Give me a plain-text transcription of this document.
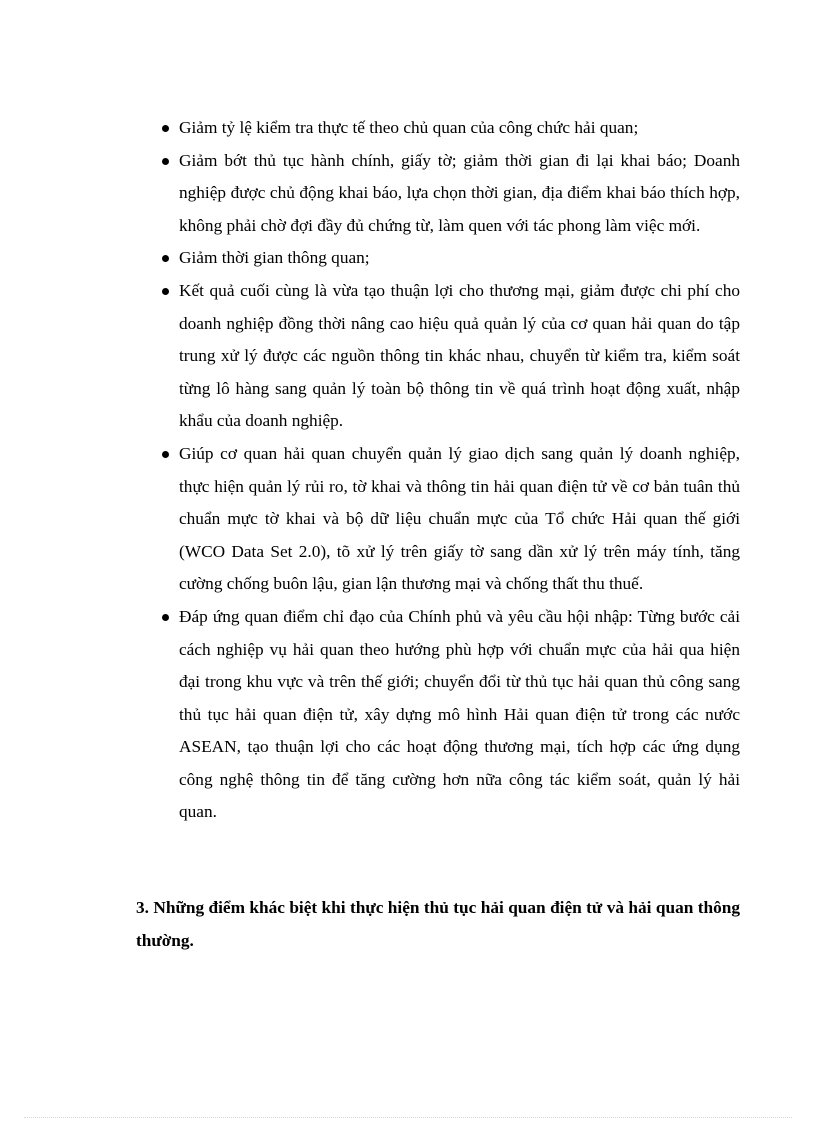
Giảm tỷ lệ kiểm tra thực tế theo chủ quan của công chức hải quan;
Giảm bớt thủ tục hành chính, giấy tờ; giảm thời gian đi lại khai báo; Doanh nghiệp được chủ động khai báo, lựa chọn thời gian, địa điểm khai báo thích hợp, không phải chờ đợi đầy đủ chứng từ, làm quen với tác phong làm việc mới.
Giảm thời gian thông quan;
Kết quả cuối cùng là vừa tạo thuận lợi cho thương mại, giảm được chi phí cho doanh nghiệp đồng thời nâng cao hiệu quả quản lý của cơ quan hải quan do tập trung xử lý được các nguồn thông tin khác nhau, chuyển từ kiểm tra, kiểm soát từng lô hàng sang quản lý toàn bộ thông tin về quá trình hoạt động xuất, nhập khẩu của doanh nghiệp.
Giúp cơ quan hải quan chuyển quản lý giao dịch sang quản lý doanh nghiệp, thực hiện quản lý rủi ro, tờ khai và thông tin hải quan điện tử về cơ bản tuân thủ chuẩn mực tờ khai và bộ dữ liệu chuẩn mực của Tổ chức Hải quan thế giới (WCO Data Set 2.0), tõ xử lý trên giấy tờ sang dần xử lý trên máy tính, tăng cường chống buôn lậu, gian lận thương mại và chống thất thu thuế.
Đáp ứng quan điểm chỉ đạo của Chính phủ và yêu cầu hội nhập: Từng bước cải cách nghiệp vụ hải quan theo hướng phù hợp với chuẩn mực của hải qua hiện đại trong khu vực và trên thế giới; chuyển đổi từ thủ tục hải quan thủ công sang thủ tục hải quan điện tử, xây dựng mô hình Hải quan điện tử trong các nước ASEAN, tạo thuận lợi cho các hoạt động thương mại, tích hợp các ứng dụng công nghệ thông tin để tăng cường hơn nữa công tác kiểm soát, quản lý hải quan.

3. Những điểm khác biệt khi thực hiện thủ tục hải quan điện tử và hải quan thông thường.
